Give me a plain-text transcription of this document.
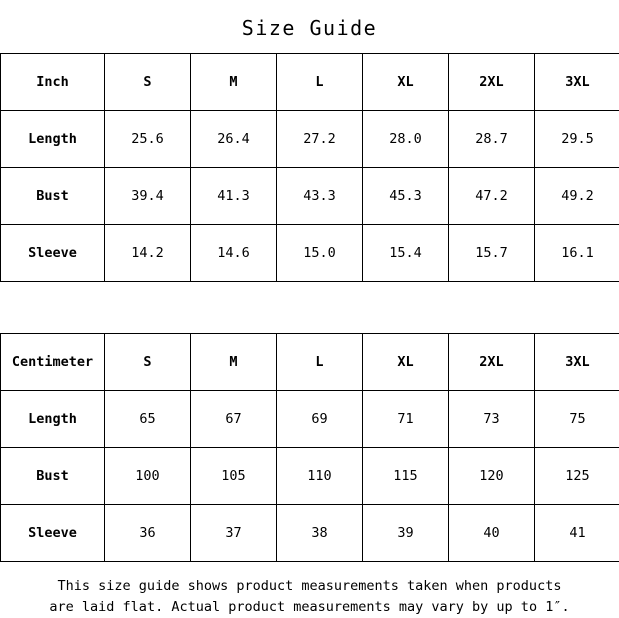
Size Guide
Inch	S	M	L	XL	2XL	3XL
Length	25.6	26.4	27.2	28.0	28.7	29.5
Bust	39.4	41.3	43.3	45.3	47.2	49.2
Sleeve	14.2	14.6	15.0	15.4	15.7	16.1
Centimeter	S	M	L	XL	2XL	3XL
Length	65	67	69	71	73	75
Bust	100	105	110	115	120	125
Sleeve	36	37	38	39	40	41
This size guide shows product measurements taken when products
are laid flat. Actual product measurements may vary by up to 1″.
